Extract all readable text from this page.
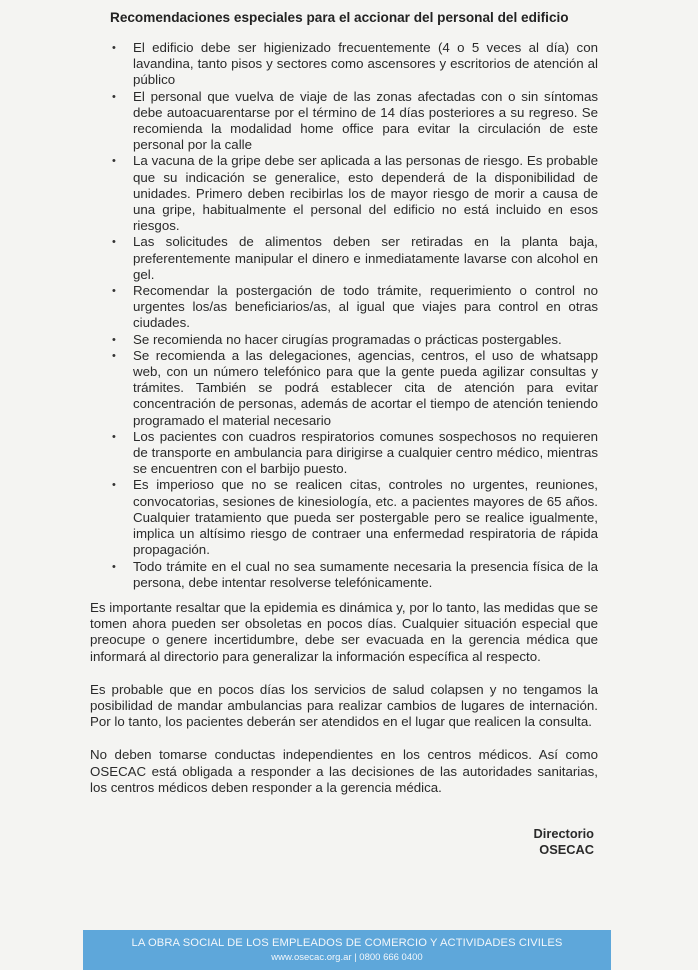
Recomendaciones especiales para el accionar del personal del edificio
• El edificio debe ser higienizado frecuentemente (4 o 5 veces al día) con lavandina, tanto pisos y sectores como ascensores y escritorios de atención al público
• El personal que vuelva de viaje de las zonas afectadas con o sin síntomas debe autoacuarentarse por el término de 14 días posteriores a su regreso. Se recomienda la modalidad home office para evitar la circulación de este personal por la calle
• La vacuna de la gripe debe ser aplicada a las personas de riesgo. Es probable que su indicación se generalice, esto dependerá de la disponibilidad de unidades. Primero deben recibirlas los de mayor riesgo de morir a causa de una gripe, habitualmente el personal del edificio no está incluido en esos riesgos.
• Las solicitudes de alimentos deben ser retiradas en la planta baja, preferentemente manipular el dinero e inmediatamente lavarse con alcohol en gel.
• Recomendar la postergación de todo trámite, requerimiento o control no urgentes los/as beneficiarios/as, al igual que viajes para control en otras ciudades.
• Se recomienda no hacer cirugías programadas o prácticas postergables.
• Se recomienda a las delegaciones, agencias, centros, el uso de whatsapp web, con un número telefónico para que la gente pueda agilizar consultas y trámites. También se podrá establecer cita de atención para evitar concentración de personas, además de acortar el tiempo de atención teniendo programado el material necesario
• Los pacientes con cuadros respiratorios comunes sospechosos no requieren de transporte en ambulancia para dirigirse a cualquier centro médico, mientras se encuentren con el barbijo puesto.
• Es imperioso que no se realicen citas, controles no urgentes, reuniones, convocatorias, sesiones de kinesiología, etc. a pacientes mayores de 65 años. Cualquier tratamiento que pueda ser postergable pero se realice igualmente, implica un altísimo riesgo de contraer una enfermedad respiratoria de rápida propagación.
• Todo trámite en el cual no sea sumamente necesaria la presencia física de la persona, debe intentar resolverse telefónicamente.

Es importante resaltar que la epidemia es dinámica y, por lo tanto, las medidas que se tomen ahora pueden ser obsoletas en pocos días. Cualquier situación especial que preocupe o genere incertidumbre, debe ser evacuada en la gerencia médica que informará al directorio para generalizar la información específica al respecto.

Es probable que en pocos días los servicios de salud colapsen y no tengamos la posibilidad de mandar ambulancias para realizar cambios de lugares de internación. Por lo tanto, los pacientes deberán ser atendidos en el lugar que realicen la consulta.

No deben tomarse conductas independientes en los centros médicos. Así como OSECAC está obligada a responder a las decisiones de las autoridades sanitarias, los centros médicos deben responder a la gerencia médica.

Directorio
OSECAC
LA OBRA SOCIAL DE LOS EMPLEADOS DE COMERCIO Y ACTIVIDADES CIVILES
www.osecac.org.ar | 0800 666 0400
